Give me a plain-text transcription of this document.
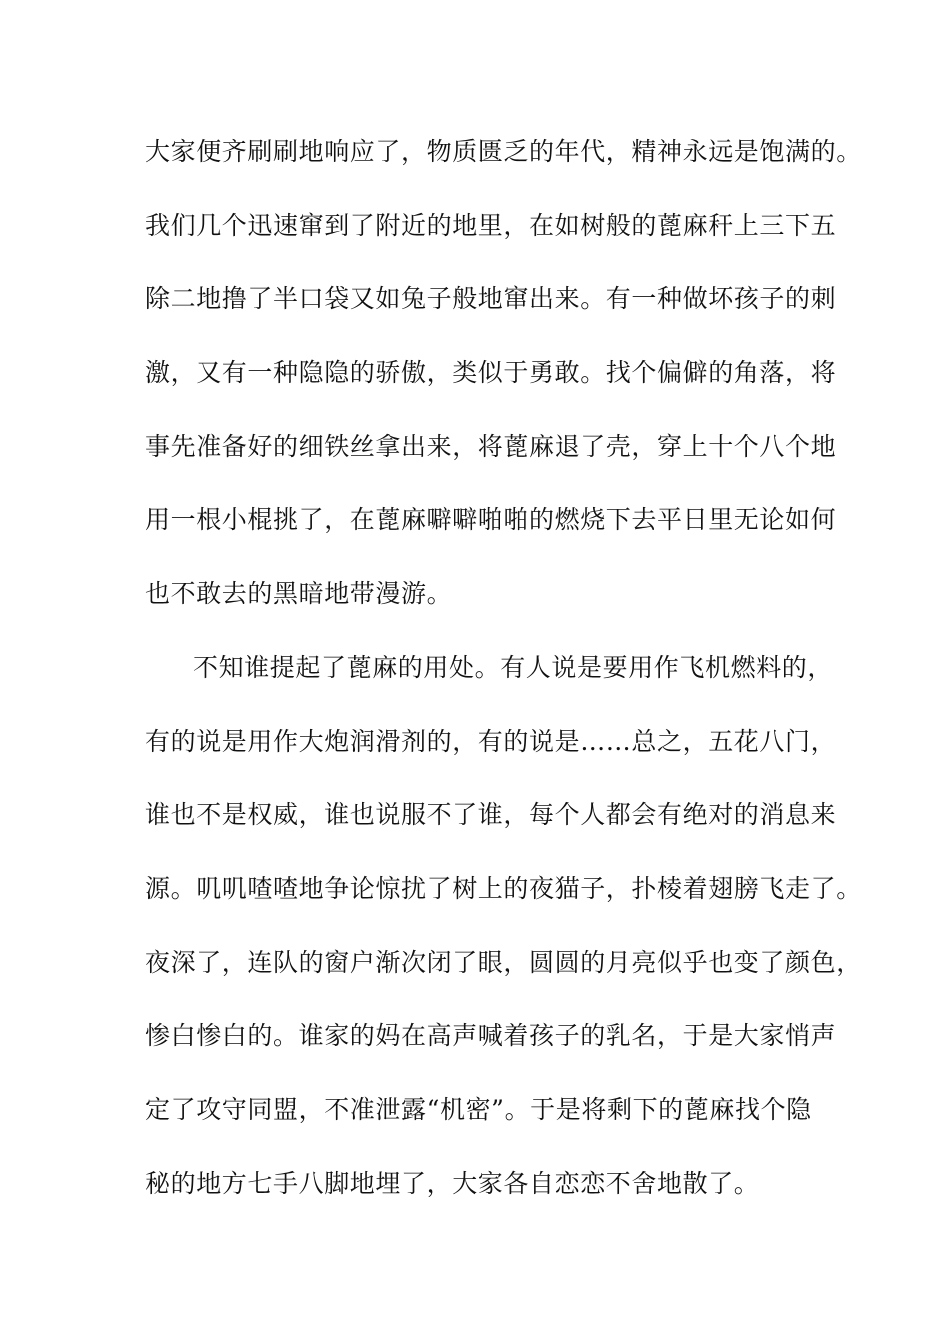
大家便齐刷刷地响应了，物质匮乏的年代，精神永远是饱满的。
我们几个迅速窜到了附近的地里，在如树般的蓖麻秆上三下五
除二地撸了半口袋又如兔子般地窜出来。有一种做坏孩子的刺
激，又有一种隐隐的骄傲，类似于勇敢。找个偏僻的角落，将
事先准备好的细铁丝拿出来，将蓖麻退了壳，穿上十个八个地
用一根小棍挑了，在蓖麻噼噼啪啪的燃烧下去平日里无论如何
也不敢去的黑暗地带漫游。
不知谁提起了蓖麻的用处。有人说是要用作飞机燃料的，
有的说是用作大炮润滑剂的，有的说是……总之，五花八门，
谁也不是权威，谁也说服不了谁，每个人都会有绝对的消息来
源。叽叽喳喳地争论惊扰了树上的夜猫子，扑棱着翅膀飞走了。
夜深了，连队的窗户渐次闭了眼，圆圆的月亮似乎也变了颜色，
惨白惨白的。谁家的妈在高声喊着孩子的乳名，于是大家悄声
定了攻守同盟，不准泄露“机密”。于是将剩下的蓖麻找个隐
秘的地方七手八脚地埋了，大家各自恋恋不舍地散了。
